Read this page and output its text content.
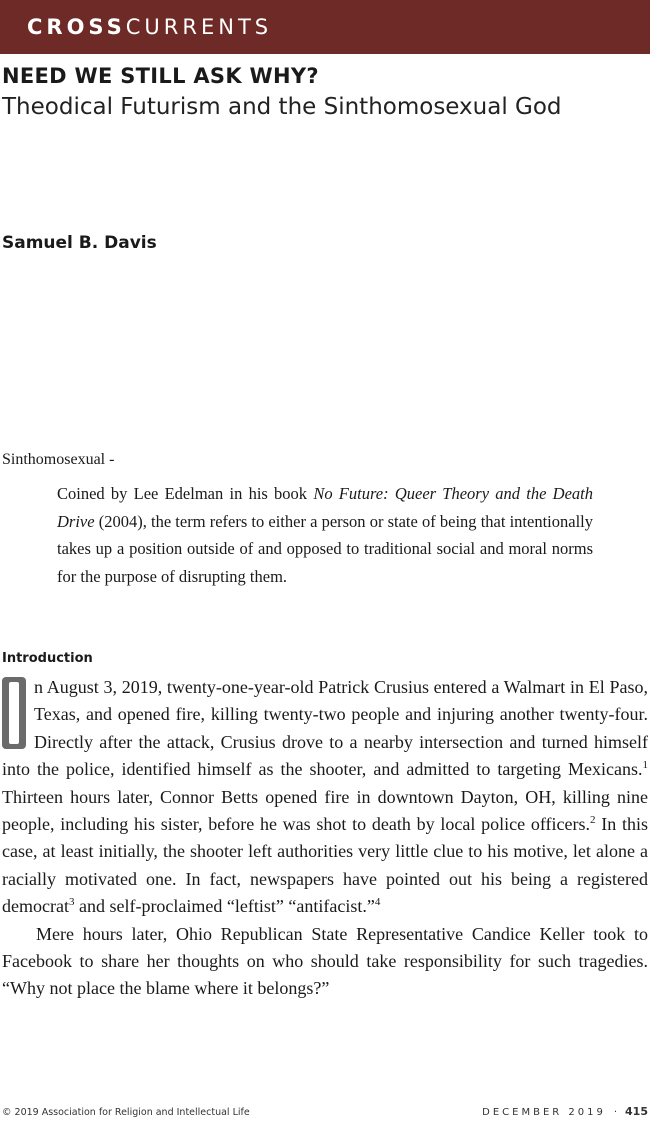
CROSSCURRENTS
NEED WE STILL ASK WHY?
Theodical Futurism and the Sinthomosexual God
Samuel B. Davis
Sinthomosexual -
Coined by Lee Edelman in his book No Future: Queer Theory and the Death Drive (2004), the term refers to either a person or state of being that intentionally takes up a position outside of and opposed to traditional social and moral norms for the purpose of disrupting them.
Introduction

n August 3, 2019, twenty-one-year-old Patrick Crusius entered a Walmart in El Paso, Texas, and opened fire, killing twenty-two people and injuring another twenty-four. Directly after the attack, Crusius drove to a nearby intersection and turned himself into the police, identified himself as the shooter, and admitted to targeting Mexicans.$^1$ Thirteen hours later, Connor Betts opened fire in downtown Dayton, OH, killing nine people, including his sister, before he was shot to death by local police officers.$^2$ In this case, at least initially, the shooter left authorities very little clue to his motive, let alone a racially motivated one. In fact, newspapers have pointed out his being a registered democrat$^3$ and self-proclaimed “leftist” “antifacist.”$^4$

Mere hours later, Ohio Republican State Representative Candice Keller took to Facebook to share her thoughts on who should take responsibility for such tragedies. “Why not place the blame where it belongs?”

© 2019 Association for Religion and Intellectual Life	DECEMBER 2019 · 415
